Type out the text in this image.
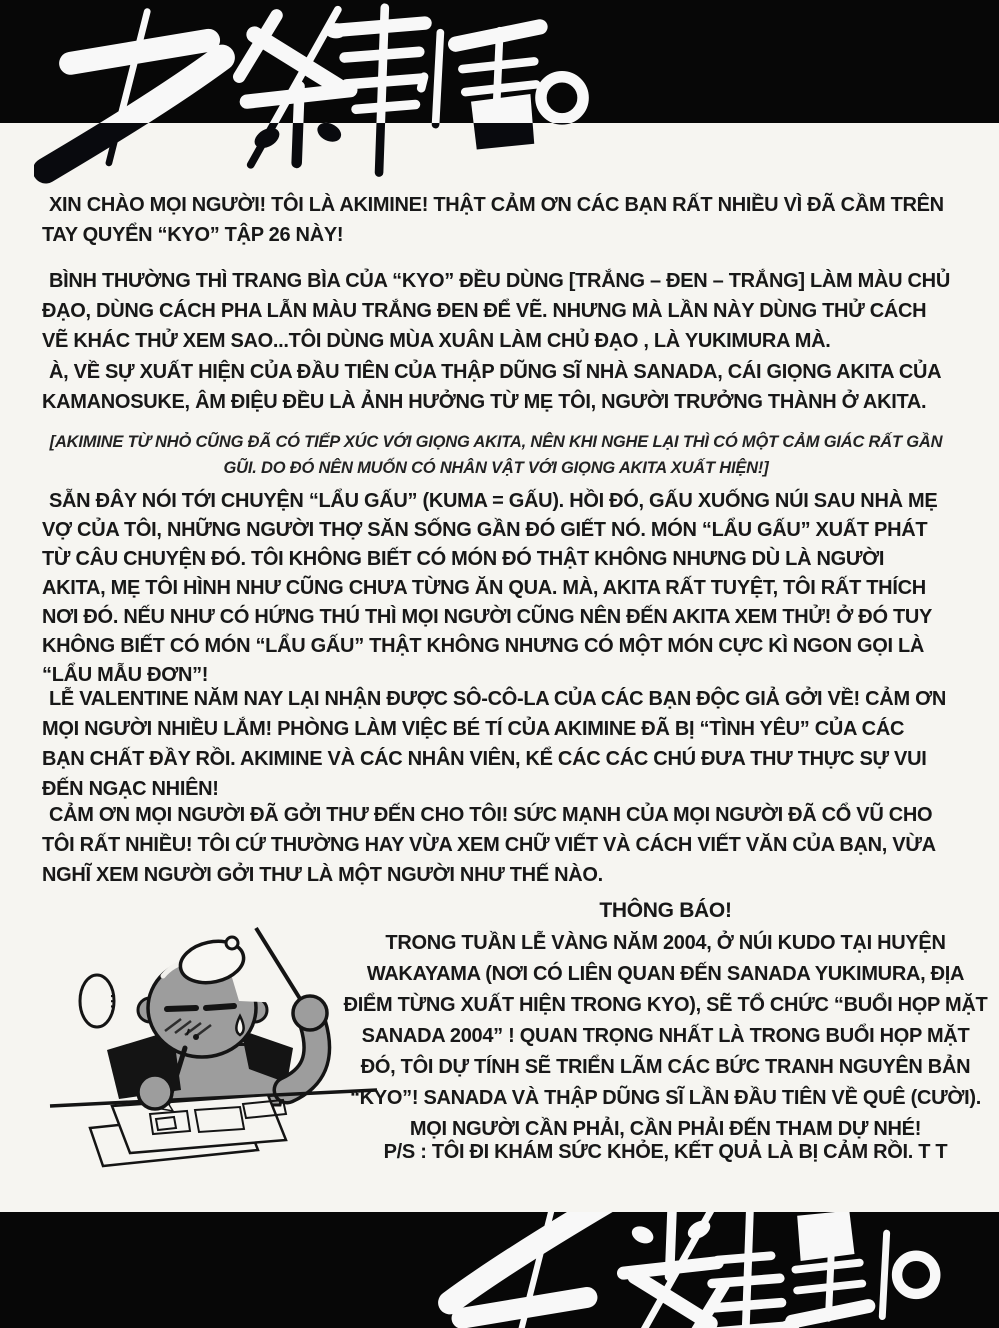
XIN CHÀO MỌI NGƯỜI! TÔI LÀ AKIMINE! THẬT CẢM ƠN CÁC BẠN RẤT NHIỀU VÌ ĐÃ CẦM TRÊN TAY QUYỂN “KYO” TẬP 26 NÀY!
BÌNH THƯỜNG THÌ TRANG BÌA CỦA “KYO” ĐỀU DÙNG [TRẮNG – ĐEN – TRẮNG] LÀM MÀU CHỦ ĐẠO, DÙNG CÁCH PHA LẪN MÀU TRẮNG ĐEN ĐỂ VẼ. NHƯNG MÀ LẦN NÀY DÙNG THỬ CÁCH VẼ KHÁC THỬ XEM SAO...TÔI DÙNG MÙA XUÂN LÀM CHỦ ĐẠO , LÀ YUKIMURA MÀ.
À, VỀ SỰ XUẤT HIỆN CỦA ĐẦU TIÊN CỦA THẬP DŨNG SĨ NHÀ SANADA, CÁI GIỌNG AKITA CỦA KAMANOSUKE, ÂM ĐIỆU ĐỀU LÀ ẢNH HƯỞNG TỪ MẸ TÔI, NGƯỜI TRƯỞNG THÀNH Ở AKITA.
[AKIMINE TỪ NHỎ CŨNG ĐÃ CÓ TIẾP XÚC VỚI GIỌNG AKITA, NÊN KHI NGHE LẠI THÌ CÓ MỘT CẢM GIÁC RẤT GẦN GŨI. DO ĐÓ NÊN MUỐN CÓ NHÂN VẬT VỚI GIỌNG AKITA XUẤT HIỆN!]
SẴN ĐÂY NÓI TỚI CHUYỆN “LẨU GẤU” (KUMA = GẤU). HỒI ĐÓ, GẤU XUỐNG NÚI SAU NHÀ MẸ VỢ CỦA TÔI, NHỮNG NGƯỜI THỢ SĂN SỐNG GẦN ĐÓ GIẾT NÓ. MÓN “LẨU GẤU” XUẤT PHÁT TỪ CÂU CHUYỆN ĐÓ. TÔI KHÔNG BIẾT CÓ MÓN ĐÓ THẬT KHÔNG NHƯNG DÙ LÀ NGƯỜI AKITA, MẸ TÔI HÌNH NHƯ CŨNG CHƯA TỪNG ĂN QUA. MÀ, AKITA RẤT TUYỆT, TÔI RẤT THÍCH NƠI ĐÓ. NẾU NHƯ CÓ HỨNG THÚ THÌ MỌI NGƯỜI CŨNG NÊN ĐẾN AKITA XEM THỬ! Ở ĐÓ TUY KHÔNG BIẾT CÓ MÓN “LẨU GẤU” THẬT KHÔNG NHƯNG CÓ MỘT MÓN CỰC KÌ NGON GỌI LÀ “LẨU MẪU ĐƠN”!
LỄ VALENTINE NĂM NAY LẠI NHẬN ĐƯỢC SÔ-CÔ-LA CỦA CÁC BẠN ĐỘC GIẢ GỞI VỀ! CẢM ƠN MỌI NGƯỜI NHIỀU LẮM! PHÒNG LÀM VIỆC BÉ TÍ CỦA AKIMINE ĐÃ BỊ “TÌNH YÊU” CỦA CÁC BẠN CHẤT ĐẦY RỒI. AKIMINE VÀ CÁC NHÂN VIÊN, KỂ CÁC CÁC CHÚ ĐƯA THƯ THỰC SỰ VUI ĐẾN NGẠC NHIÊN!
CẢM ƠN MỌI NGƯỜI ĐÃ GỞI THƯ ĐẾN CHO TÔI! SỨC MẠNH CỦA MỌI NGƯỜI ĐÃ CỔ VŨ CHO TÔI RẤT NHIỀU! TÔI CỨ THƯỜNG HAY VỪA XEM CHỮ VIẾT VÀ CÁCH VIẾT VĂN CỦA BẠN, VỪA NGHĨ XEM NGƯỜI GỞI THƯ LÀ MỘT NGƯỜI NHƯ THẾ NÀO.
THÔNG BÁO!
TRONG TUẦN LỄ VÀNG NĂM 2004, Ở NÚI KUDO TẠI HUYỆN WAKAYAMA (NƠI CÓ LIÊN QUAN ĐẾN SANADA YUKIMURA, ĐỊA ĐIỂM TỪNG XUẤT HIỆN TRONG KYO), SẼ TỔ CHỨC “BUỔI HỌP MẶT SANADA 2004” ! QUAN TRỌNG NHẤT LÀ TRONG BUỔI HỌP MẶT ĐÓ, TÔI DỰ TÍNH SẼ TRIỂN LÃM CÁC BỨC TRANH NGUYÊN BẢN “KYO”! SANADA VÀ THẬP DŨNG SĨ LẦN ĐẦU TIÊN VỀ QUÊ (CƯỜI). MỌI NGƯỜI CẦN PHẢI, CẦN PHẢI ĐẾN THAM DỰ NHÉ!
P/S : TÔI ĐI KHÁM SỨC KHỎE, KẾT QUẢ LÀ BỊ CẢM RỒI. T T
....
